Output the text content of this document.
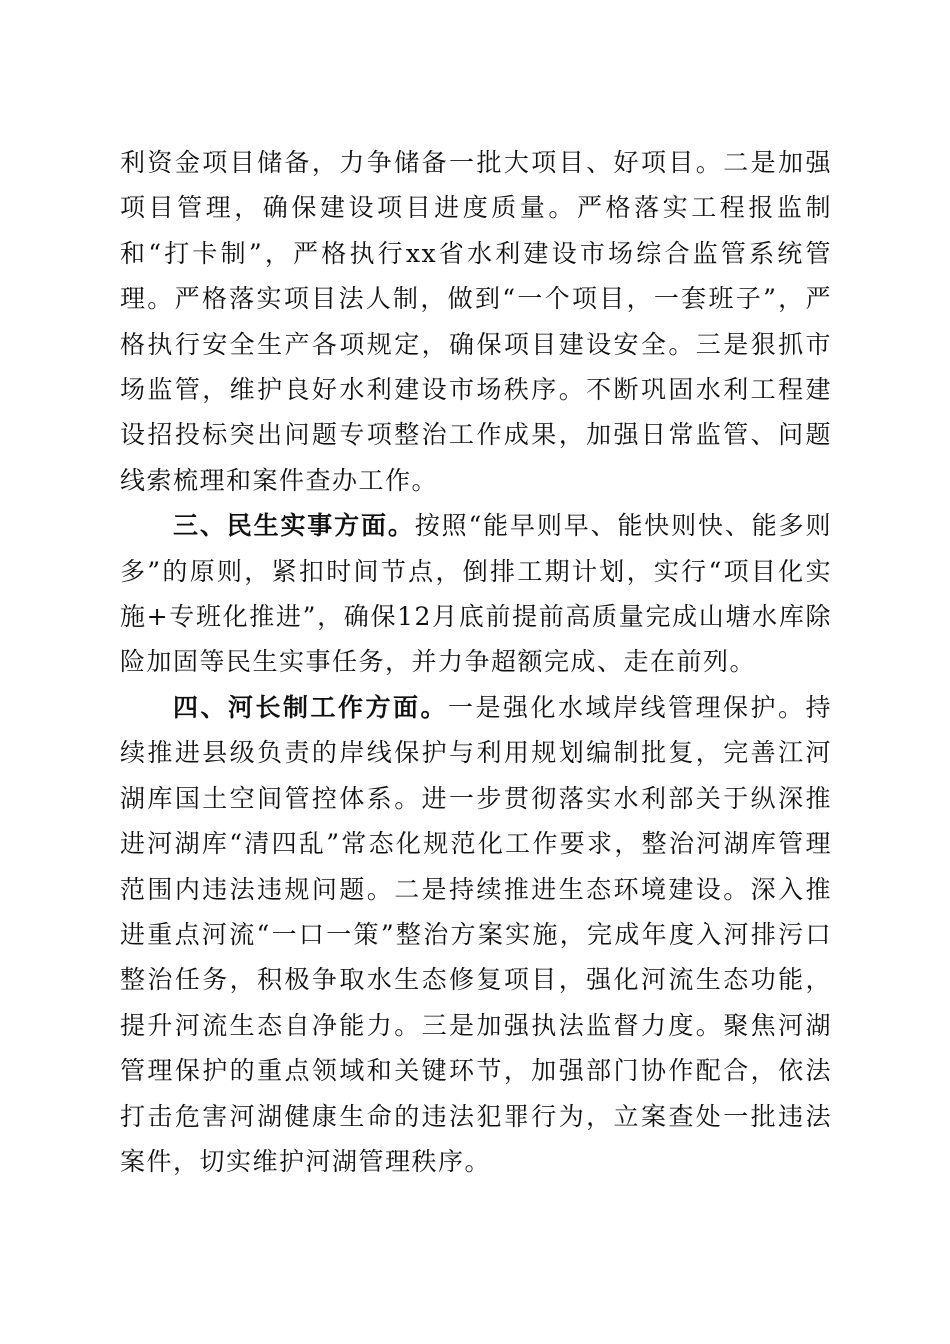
利资金项目储备，力争储备一批大项目、好项目。二是加强项目管理，确保建设项目进度质量。严格落实工程报监制和“打卡制”，严格执行xx省水利建设市场综合监管系统管理。严格落实项目法人制，做到“一个项目，一套班子”，严格执行安全生产各项规定，确保项目建设安全。三是狠抓市场监管，维护良好水利建设市场秩序。不断巩固水利工程建设招投标突出问题专项整治工作成果，加强日常监管、问题线索梳理和案件查办工作。

三、民生实事方面。按照“能早则早、能快则快、能多则多”的原则，紧扣时间节点，倒排工期计划，实行“项目化实施+专班化推进”，确保12月底前提前高质量完成山塘水库除险加固等民生实事任务，并力争超额完成、走在前列。

四、河长制工作方面。一是强化水域岸线管理保护。持续推进县级负责的岸线保护与利用规划编制批复，完善江河湖库国土空间管控体系。进一步贯彻落实水利部关于纵深推进河湖库“清四乱”常态化规范化工作要求，整治河湖库管理范围内违法违规问题。二是持续推进生态环境建设。深入推进重点河流“一口一策”整治方案实施，完成年度入河排污口整治任务，积极争取水生态修复项目，强化河流生态功能，提升河流生态自净能力。三是加强执法监督力度。聚焦河湖管理保护的重点领域和关键环节，加强部门协作配合，依法打击危害河湖健康生命的违法犯罪行为，立案查处一批违法案件，切实维护河湖管理秩序。
